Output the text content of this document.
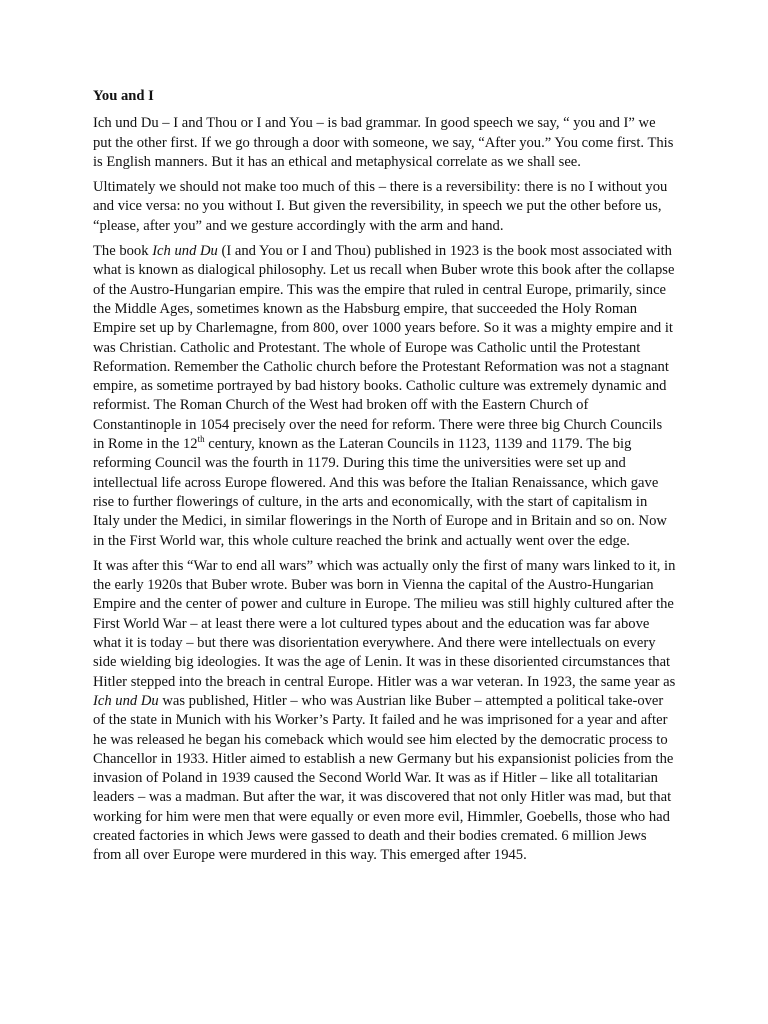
You and I

Ich und Du – I and Thou or I and You – is bad grammar. In good speech we say, “ you and I” we put the other first. If we go through a door with someone, we say, “After you.” You come first. This is English manners. But it has an ethical and metaphysical correlate as we shall see.

Ultimately we should not make too much of this – there is a reversibility: there is no I without you and vice versa: no you without I. But given the reversibility, in speech we put the other before us, “please, after you” and we gesture accordingly with the arm and hand.

The book Ich und Du (I and You or I and Thou) published in 1923 is the book most associated with what is known as dialogical philosophy. Let us recall when Buber wrote this book after the collapse of the Austro-Hungarian empire. This was the empire that ruled in central Europe, primarily, since the Middle Ages, sometimes known as the Habsburg empire, that succeeded the Holy Roman Empire set up by Charlemagne, from 800, over 1000 years before. So it was a mighty empire and it was Christian. Catholic and Protestant. The whole of Europe was Catholic until the Protestant Reformation. Remember the Catholic church before the Protestant Reformation was not a stagnant empire, as sometime portrayed by bad history books. Catholic culture was extremely dynamic and reformist. The Roman Church of the West had broken off with the Eastern Church of Constantinople in 1054 precisely over the need for reform. There were three big Church Councils in Rome in the 12th century, known as the Lateran Councils in 1123, 1139 and 1179. The big reforming Council was the fourth in 1179. During this time the universities were set up and intellectual life across Europe flowered. And this was before the Italian Renaissance, which gave rise to further flowerings of culture, in the arts and economically, with the start of capitalism in Italy under the Medici, in similar flowerings in the North of Europe and in Britain and so on. Now in the First World war, this whole culture reached the brink and actually went over the edge.

It was after this “War to end all wars” which was actually only the first of many wars linked to it, in the early 1920s that Buber wrote. Buber was born in Vienna the capital of the Austro-Hungarian Empire and the center of power and culture in Europe. The milieu was still highly cultured after the First World War – at least there were a lot cultured types about and the education was far above what it is today – but there was disorientation everywhere. And there were intellectuals on every side wielding big ideologies. It was the age of Lenin. It was in these disoriented circumstances that Hitler stepped into the breach in central Europe. Hitler was a war veteran. In 1923, the same year as Ich und Du was published, Hitler – who was Austrian like Buber – attempted a political take-over of the state in Munich with his Worker’s Party. It failed and he was imprisoned for a year and after he was released he began his comeback which would see him elected by the democratic process to Chancellor in 1933. Hitler aimed to establish a new Germany but his expansionist policies from the invasion of Poland in 1939 caused the Second World War. It was as if Hitler – like all totalitarian leaders – was a madman. But after the war, it was discovered that not only Hitler was mad, but that working for him were men that were equally or even more evil, Himmler, Goebells, those who had created factories in which Jews were gassed to death and their bodies cremated. 6 million Jews from all over Europe were murdered in this way. This emerged after 1945.
